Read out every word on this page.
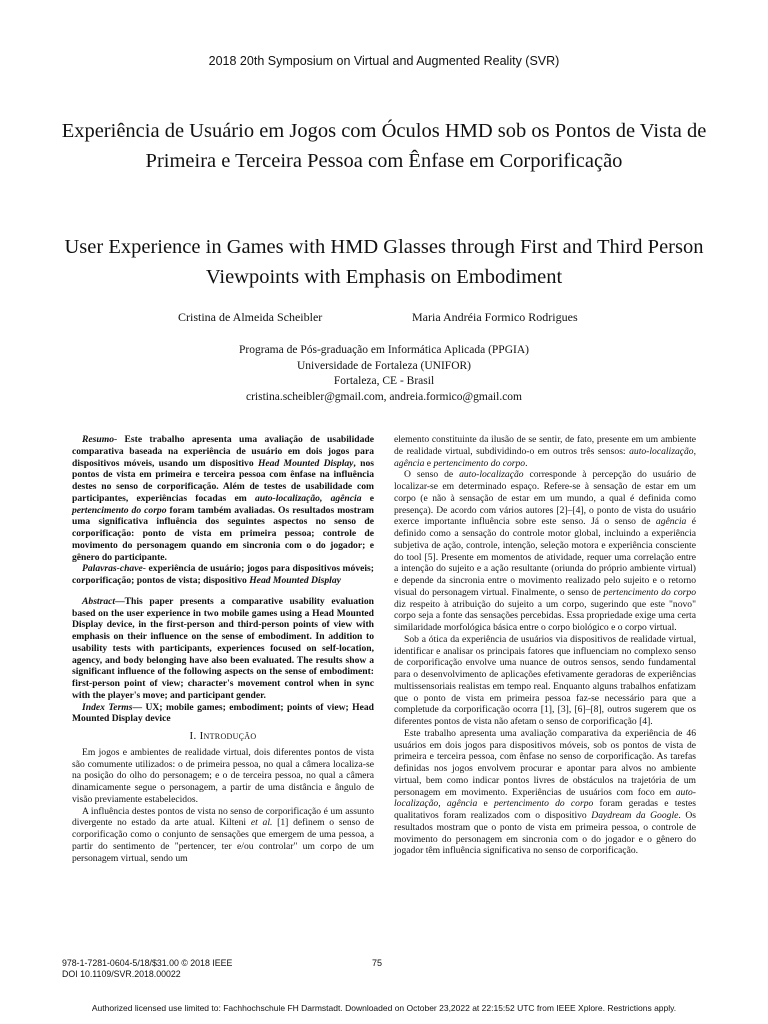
2018 20th Symposium on Virtual and Augmented Reality (SVR)
Experiência de Usuário em Jogos com Óculos HMD sob os Pontos de Vista de Primeira e Terceira Pessoa com Ênfase em Corporificação
User Experience in Games with HMD Glasses through First and Third Person Viewpoints with Emphasis on Embodiment
Cristina de Almeida Scheibler	Maria Andréia Formico Rodrigues
Programa de Pós-graduação em Informática Aplicada (PPGIA)
Universidade de Fortaleza (UNIFOR)
Fortaleza, CE - Brasil
cristina.scheibler@gmail.com, andreia.formico@gmail.com

Resumo- Este trabalho apresenta uma avaliação de usabilidade comparativa baseada na experiência de usuário em dois jogos para dispositivos móveis, usando um dispositivo Head Mounted Display, nos pontos de vista em primeira e terceira pessoa com ênfase na influência destes no senso de corporificação. Além de testes de usabilidade com participantes, experiências focadas em auto-localização, agência e pertencimento do corpo foram também avaliadas. Os resultados mostram uma significativa influência dos seguintes aspectos no senso de corporificação: ponto de vista em primeira pessoa; controle de movimento do personagem quando em sincronia com o do jogador; e gênero do participante.

Palavras-chave- experiência de usuário; jogos para dispositivos móveis; corporificação; pontos de vista; dispositivo Head Mounted Display

Abstract—This paper presents a comparative usability evaluation based on the user experience in two mobile games using a Head Mounted Display device, in the first-person and third-person points of view with emphasis on their influence on the sense of embodiment. In addition to usability tests with participants, experiences focused on self-location, agency, and body belonging have also been evaluated. The results show a significant influence of the following aspects on the sense of embodiment: first-person point of view; character's movement control when in sync with the player's move; and participant gender.

Index Terms— UX; mobile games; embodiment; points of view; Head Mounted Display device

I. Introdução

Em jogos e ambientes de realidade virtual, dois diferentes pontos de vista são comumente utilizados: o de primeira pessoa, no qual a câmera localiza-se na posição do olho do personagem; e o de terceira pessoa, no qual a câmera dinamicamente segue o personagem, a partir de uma distância e ângulo de visão previamente estabelecidos.

A influência destes pontos de vista no senso de corporificação é um assunto divergente no estado da arte atual. Kilteni et al. [1] definem o senso de corporificação como o conjunto de sensações que emergem de uma pessoa, a partir do sentimento de "pertencer, ter e/ou controlar" um corpo de um personagem virtual, sendo um

elemento constituinte da ilusão de se sentir, de fato, presente em um ambiente de realidade virtual, subdividindo-o em outros três sensos: auto-localização, agência e pertencimento do corpo.

O senso de auto-localização corresponde à percepção do usuário de localizar-se em determinado espaço. Refere-se à sensação de estar em um corpo (e não à sensação de estar em um mundo, a qual é definida como presença). De acordo com vários autores [2]–[4], o ponto de vista do usuário exerce importante influência sobre este senso. Já o senso de agência é definido como a sensação do controle motor global, incluindo a experiência subjetiva de ação, controle, intenção, seleção motora e experiência consciente do tool [5]. Presente em momentos de atividade, requer uma correlação entre a intenção do sujeito e a ação resultante (oriunda do próprio ambiente virtual) e depende da sincronia entre o movimento realizado pelo sujeito e o retorno visual do personagem virtual. Finalmente, o senso de pertencimento do corpo diz respeito à atribuição do sujeito a um corpo, sugerindo que este "novo" corpo seja a fonte das sensações percebidas. Essa propriedade exige uma certa similaridade morfológica básica entre o corpo biológico e o corpo virtual.

Sob a ótica da experiência de usuários via dispositivos de realidade virtual, identificar e analisar os principais fatores que influenciam no complexo senso de corporificação envolve uma nuance de outros sensos, sendo fundamental para o desenvolvimento de aplicações efetivamente geradoras de experiências multissensoriais realistas em tempo real. Enquanto alguns trabalhos enfatizam que o ponto de vista em primeira pessoa faz-se necessário para que a completude da corporificação ocorra [1], [3], [6]–[8], outros sugerem que os diferentes pontos de vista não afetam o senso de corporificação [4].

Este trabalho apresenta uma avaliação comparativa da experiência de 46 usuários em dois jogos para dispositivos móveis, sob os pontos de vista de primeira e terceira pessoa, com ênfase no senso de corporificação. As tarefas definidas nos jogos envolvem procurar e apontar para alvos no ambiente virtual, bem como indicar pontos livres de obstáculos na trajetória de um personagem em movimento. Experiências de usuários com foco em auto-localização, agência e pertencimento do corpo foram geradas e testes qualitativos foram realizados com o dispositivo Daydream da Google. Os resultados mostram que o ponto de vista em primeira pessoa, o controle de movimento do personagem em sincronia com o do jogador e o gênero do jogador têm influência significativa no senso de corporificação.

978-1-7281-0604-5/18/$31.00 © 2018 IEEE
DOI 10.1109/SVR.2018.00022
75
Authorized licensed use limited to: Fachhochschule FH Darmstadt. Downloaded on October 23,2022 at 22:15:52 UTC from IEEE Xplore. Restrictions apply.
